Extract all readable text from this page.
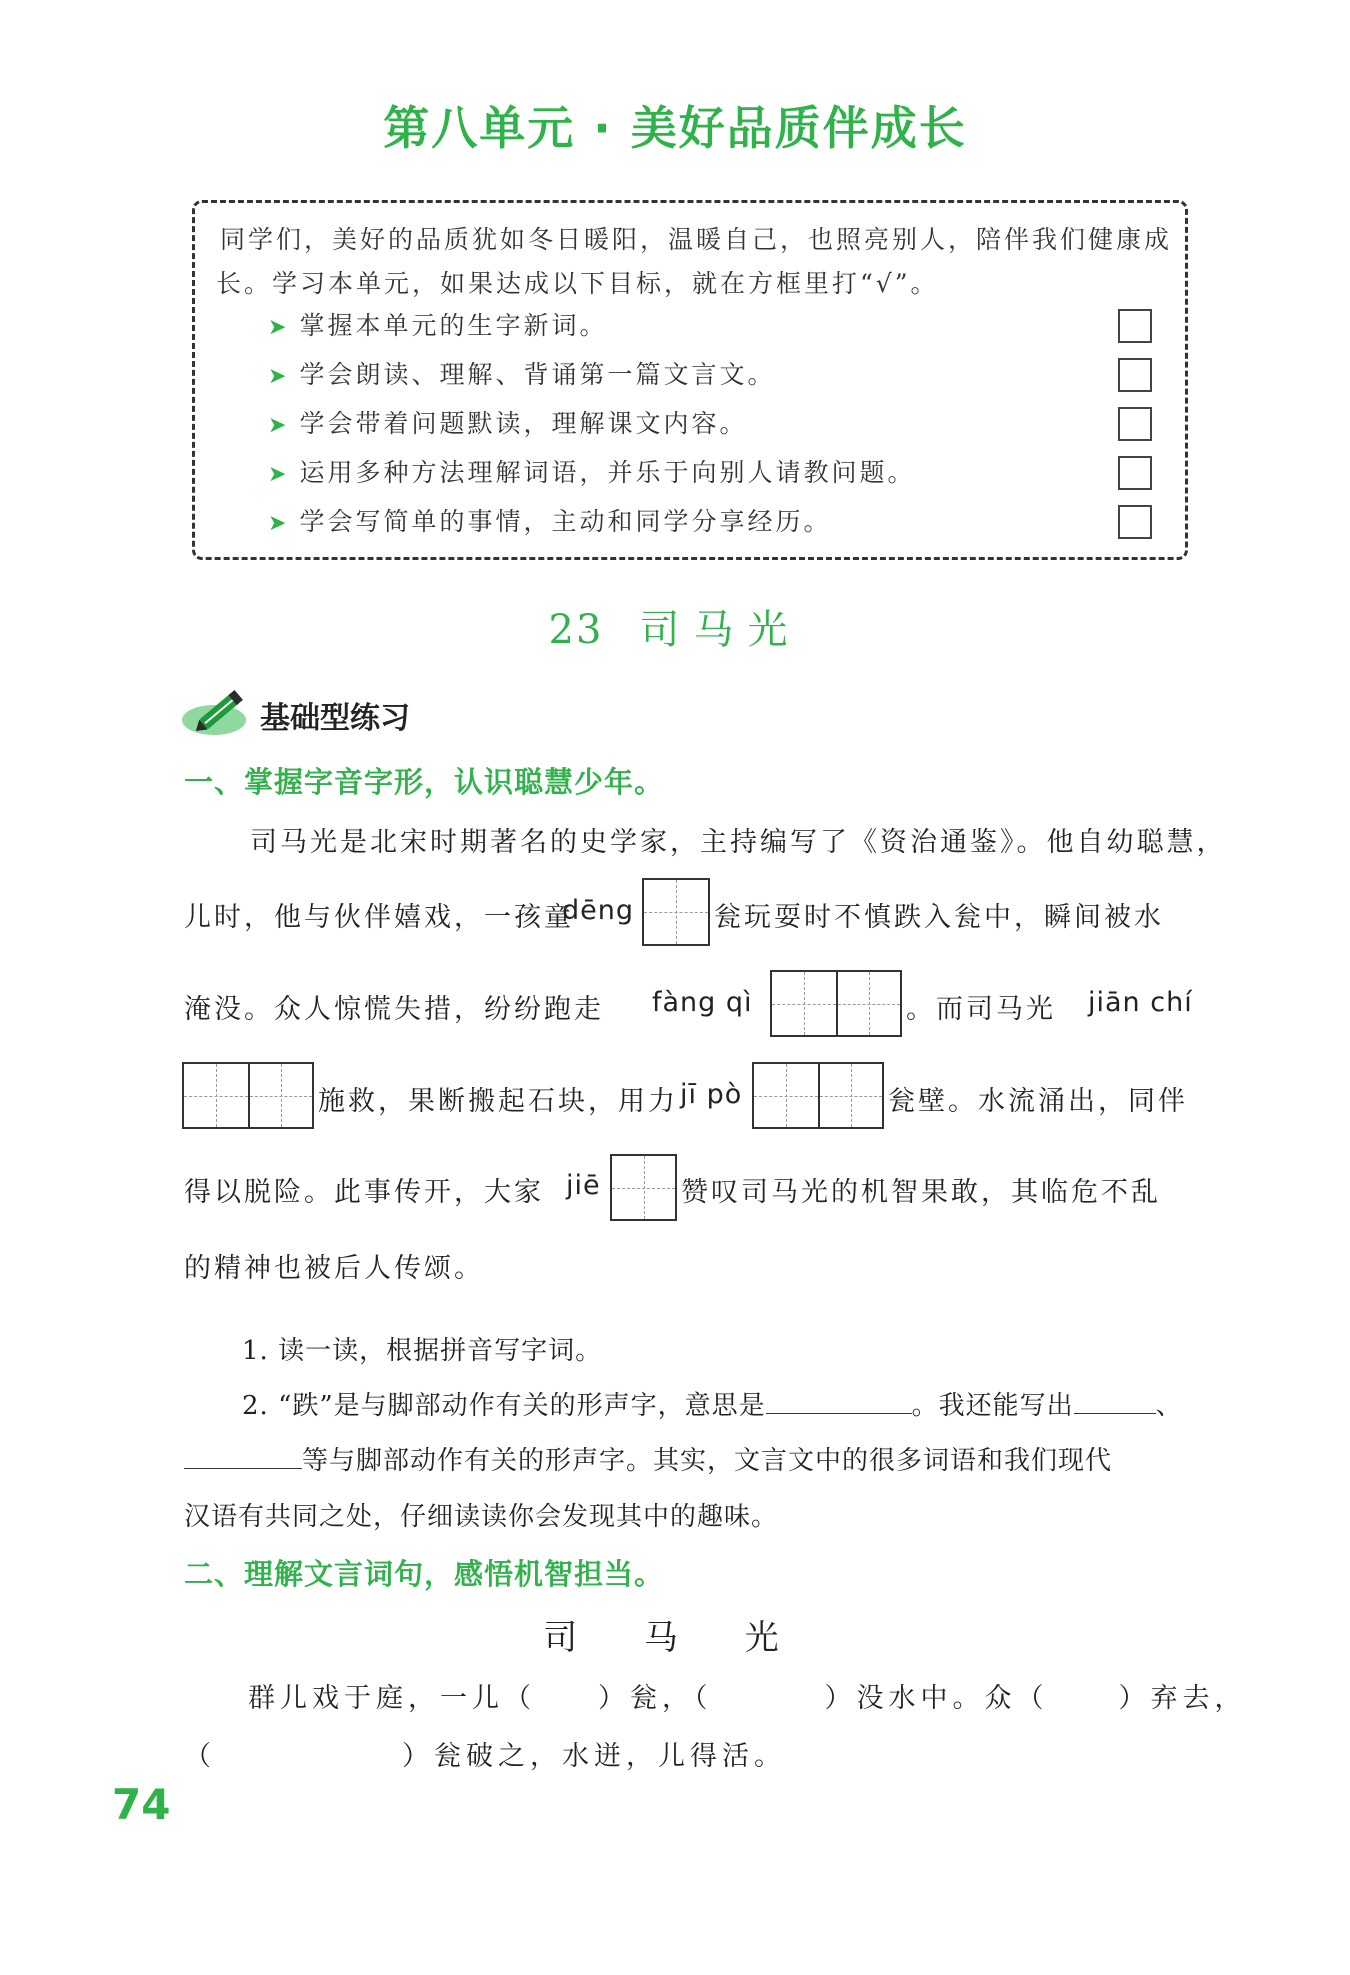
第八单元 · 美好品质伴成长
同学们，美好的品质犹如冬日暖阳，温暖自己，也照亮别人，陪伴我们健康成
长。学习本单元，如果达成以下目标，就在方框里打“√”。
➤ 掌握本单元的生字新词。
➤ 学会朗读、理解、背诵第一篇文言文。
➤ 学会带着问题默读，理解课文内容。
➤ 运用多种方法理解词语，并乐于向别人请教问题。
➤ 学会写简单的事情，主动和同学分享经历。
23 司马光
基础型练习
一、掌握字音字形，认识聪慧少年。
司马光是北宋时期著名的史学家，主持编写了《资治通鉴》。他自幼聪慧，
儿时，他与伙伴嬉戏，一孩童
dēng	瓮玩耍时不慎跌入瓮中，瞬间被水
淹没。众人惊慌失措，纷纷跑走 fàng qì	。而司马光 jiān chí
施救，果断搬起石块，用力 jī pò	瓮壁。水流涌出，同伴
得以脱险。此事传开，大家 jiē	赞叹司马光的机智果敢，其临危不乱
的精神也被后人传颂。
1. 读一读，根据拼音写字词。
2. “跌”是与脚部动作有关的形声字，意思是	。我还能写出	、
等与脚部动作有关的形声字。其实，文言文中的很多词语和我们现代
汉语有共同之处，仔细读读你会发现其中的趣味。
二、理解文言词句，感悟机智担当。
司 马 光
群儿戏于庭，一儿（ ）瓮，（	）没水中。众（	）弃去，
（	）瓮破之，水迸，儿得活。
74
